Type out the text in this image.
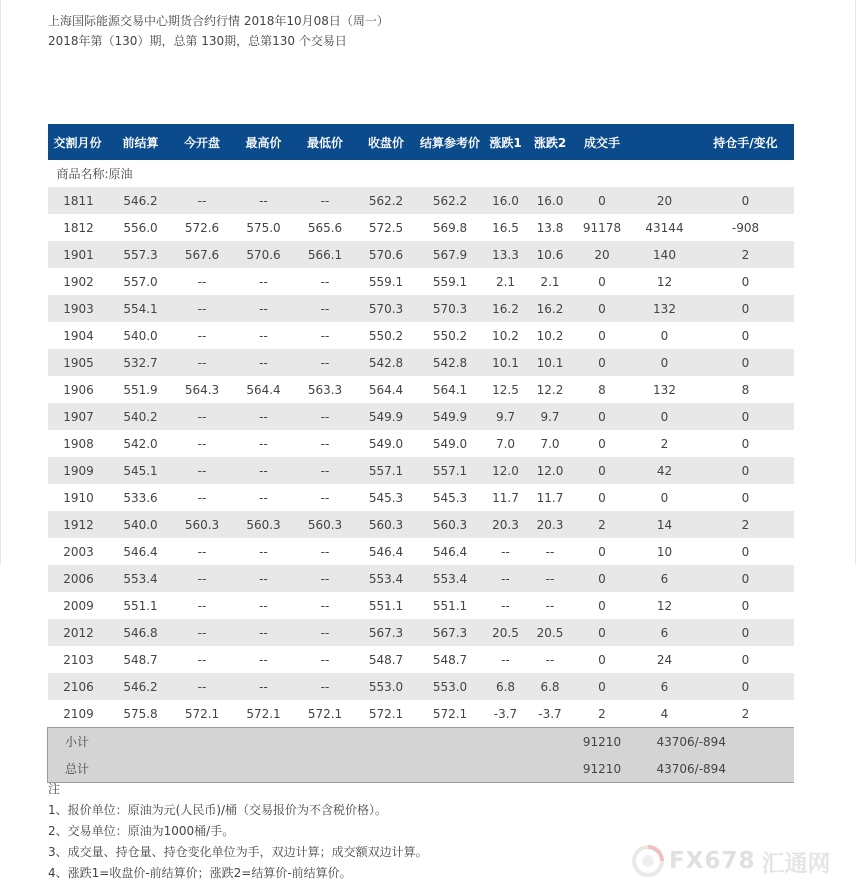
上海国际能源交易中心期货合约行情 2018年10月08日（周一）
2018年第（130）期，总第 130期，总第130 个交易日
交割月份	前结算	今开盘	最高价	最低价	收盘价	结算参考价	涨跌1	涨跌2	成交手		持仓手/变化
商品名称:原油											
1811	546.2	--	--	--	562.2	562.2	16.0	16.0	0	20	0
1812	556.0	572.6	575.0	565.6	572.5	569.8	16.5	13.8	91178	43144	-908
1901	557.3	567.6	570.6	566.1	570.6	567.9	13.3	10.6	20	140	2
1902	557.0	--	--	--	559.1	559.1	2.1	2.1	0	12	0
1903	554.1	--	--	--	570.3	570.3	16.2	16.2	0	132	0
1904	540.0	--	--	--	550.2	550.2	10.2	10.2	0	0	0
1905	532.7	--	--	--	542.8	542.8	10.1	10.1	0	0	0
1906	551.9	564.3	564.4	563.3	564.4	564.1	12.5	12.2	8	132	8
1907	540.2	--	--	--	549.9	549.9	9.7	9.7	0	0	0
1908	542.0	--	--	--	549.0	549.0	7.0	7.0	0	2	0
1909	545.1	--	--	--	557.1	557.1	12.0	12.0	0	42	0
1910	533.6	--	--	--	545.3	545.3	11.7	11.7	0	0	0
1912	540.0	560.3	560.3	560.3	560.3	560.3	20.3	20.3	2	14	2
2003	546.4	--	--	--	546.4	546.4	--	--	0	10	0
2006	553.4	--	--	--	553.4	553.4	--	--	0	6	0
2009	551.1	--	--	--	551.1	551.1	--	--	0	12	0
2012	546.8	--	--	--	567.3	567.3	20.5	20.5	0	6	0
2103	548.7	--	--	--	548.7	548.7	--	--	0	24	0
2106	546.2	--	--	--	553.0	553.0	6.8	6.8	0	6	0
2109	575.8	572.1	572.1	572.1	572.1	572.1	-3.7	-3.7	2	4	2
小计									91210	43706/-894	
总计									91210	43706/-894	
注
1、报价单位：原油为元(人民币)/桶（交易报价为不含税价格）。
2、交易单位：原油为1000桶/手。
3、成交量、持仓量、持仓变化单位为手，双边计算；成交额双边计算。
4、涨跌1=收盘价-前结算价；涨跌2=结算价-前结算价。	FX678 汇通网
